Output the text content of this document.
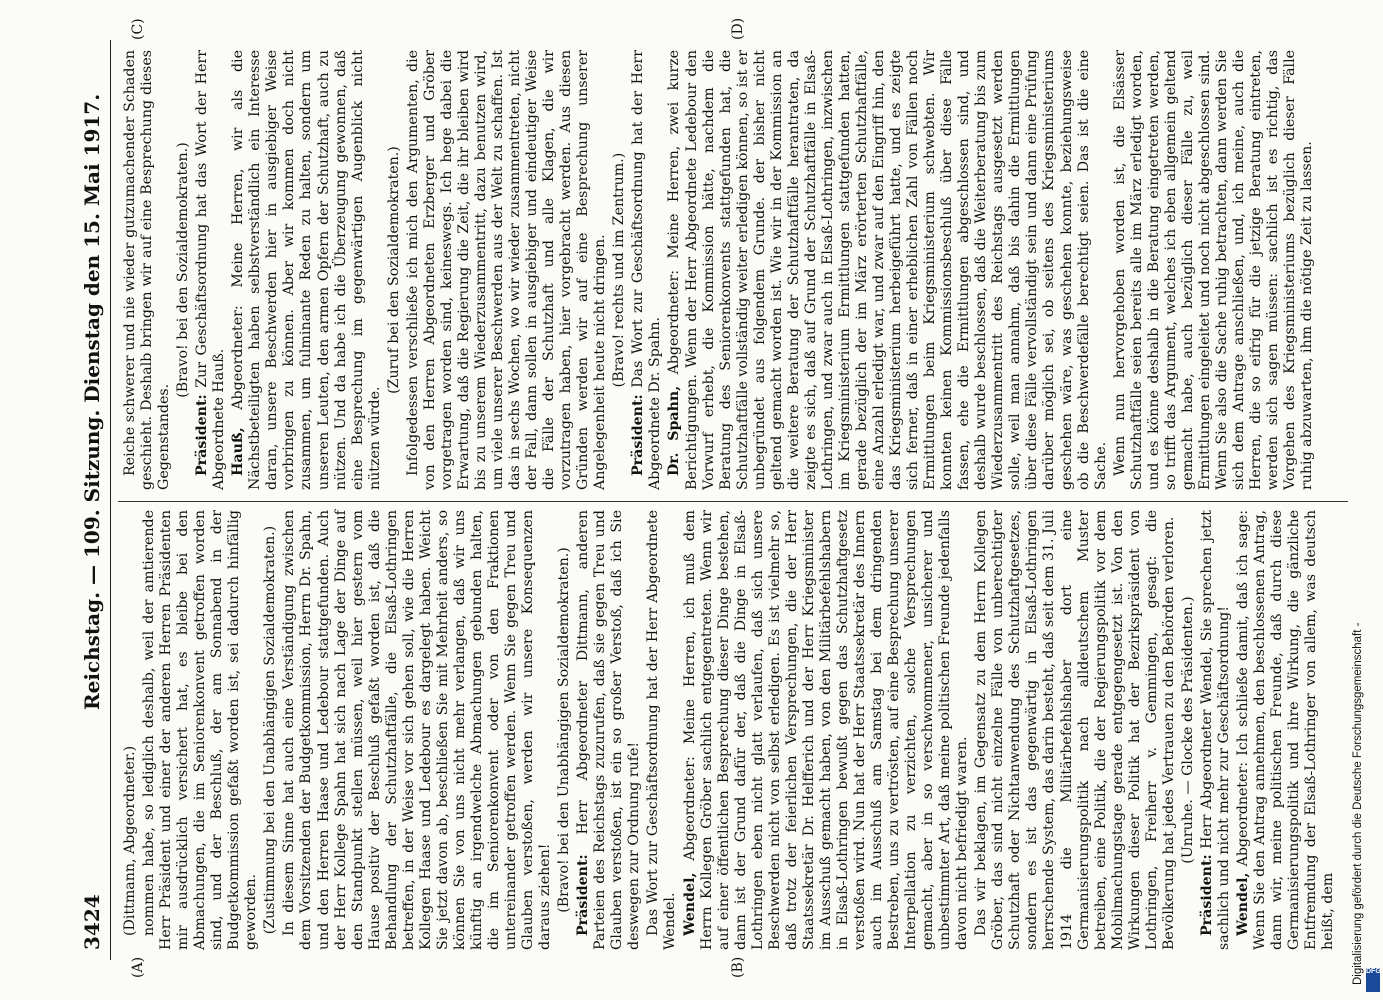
3424
Reichstag. — 109. Sitzung. Dienstag den 15. Mai 1917.
(A)	(B)
(C)	(D)

(Dittmann, Abgeordneter.) nommen habe, so lediglich deshalb, weil der amtierende Herr Präsident und einer der anderen Herren Präsidenten mir ausdrücklich versichert hat, es bleibe bei den Abmachungen, die im Seniorenkonvent getroffen worden sind, und der Beschluß, der am Sonnabend in der Budgetkommission gefaßt worden ist, sei dadurch hinfällig geworden. (Zustimmung bei den Unabhängigen Sozialdemokraten.) In diesem Sinne hat auch eine Verständigung zwischen dem Vorsitzenden der Budgetkommission, Herrn Dr. Spahn, und den Herren Haase und Ledebour stattgefunden. Auch der Herr Kollege Spahn hat sich nach Lage der Dinge auf den Standpunkt stellen müssen, weil hier gestern vom Hause positiv der Beschluß gefaßt worden ist, daß die Behandlung der Schutzhaftfälle, die Elsaß-Lothringen betreffen, in der Weise vor sich gehen soll, wie die Herren Kollegen Haase und Ledebour es dargelegt haben. Weicht Sie jetzt davon ab, beschließen Sie mit Mehrheit anders, so können Sie von uns nicht mehr verlangen, daß wir uns künftig an irgendwelche Abmachungen gebunden halten, die im Seniorenkonvent oder von den Fraktionen untereinander getroffen werden. Wenn Sie gegen Treu und Glauben verstoßen, werden wir unsere Konsequenzen daraus ziehen! (Bravo! bei den Unabhängigen Sozialdemokraten.) Präsident: Herr Abgeordneter Dittmann, anderen Parteien des Reichstags zuzurufen, daß sie gegen Treu und Glauben verstoßen, ist ein so großer Verstoß, daß ich Sie deswegen zur Ordnung rufe! Das Wort zur Geschäftsordnung hat der Herr Abgeordnete Wendel. Wendel, Abgeordneter: Meine Herren, ich muß dem Herrn Kollegen Gröber sachlich entgegentreten. Wenn wir auf einer öffentlichen Besprechung dieser Dinge bestehen, dann ist der Grund dafür der, daß die Dinge in Elsaß-Lothringen eben nicht glatt verlaufen, daß sich unsere Beschwerden nicht von selbst erledigen. Es ist vielmehr so, daß trotz der feierlichen Versprechungen, die der Herr Staatssekretär Dr. Helfferich und der Herr Kriegsminister im Ausschuß gemacht haben, von den Militärbefehlshabern in Elsaß-Lothringen bewußt gegen das Schutzhaftgesetz verstoßen wird. Nun hat der Herr Staatssekretär des Innern auch im Ausschuß am Samstag bei dem dringenden Bestreben, uns zu vertrösten, auf eine Besprechung unserer Interpellation zu verzichten, solche Versprechungen gemacht, aber in so verschwommener, unsicherer und unbestimmter Art, daß meine politischen Freunde jedenfalls davon nicht befriedigt waren. Das wir beklagen, im Gegensatz zu dem Herrn Kollegen Gröber, das sind nicht einzelne Fälle von unberechtigter Schutzhaft oder Nichtanwendung des Schutzhaftgesetzes, sondern es ist das gegenwärtig in Elsaß-Lothringen herrschende System, das darin besteht, daß seit dem 31. Juli 1914 die Militärbefehlshaber dort eine Germanisierungspolitik nach alldeutschem Muster betreiben, eine Politik, die der Regierungspolitik vor dem Mobilmachungstage gerade entgegengesetzt ist. Von den Wirkungen dieser Politik hat der Bezirkspräsident von Lothringen, Freiherr v. Gemmingen, gesagt: die Bevölkerung hat jedes Vertrauen zu den Behörden verloren. (Unruhe. — Glocke des Präsidenten.)

Präsident: Herr Abgeordneter Wendel, Sie sprechen jetzt sachlich und nicht mehr zur Geschäftsordnung! Wendel, Abgeordneter: Ich schließe damit, daß ich sage: Wenn Sie den Antrag annehmen, den beschlossenen Antrag, dann wir, meine politischen Freunde, daß durch diese Germanisierungspolitik und ihre Wirkung, die gänzliche Entfremdung der Elsaß-Lothringer von allem, was deutsch heißt, dem

Reiche schwerer und nie wieder gutzumachender Schaden geschieht. Deshalb bringen wir auf eine Besprechung dieses Gegenstandes.

(Bravo! bei den Sozialdemokraten.)

Präsident: Zur Geschäftsordnung hat das Wort der Herr Abgeordnete Hauß. Hauß, Abgeordneter: Meine Herren, wir als die Nächstbeteiligten haben selbstverständlich ein Interesse daran, unsere Beschwerden hier in ausgiebiger Weise vorbringen zu können. Aber wir kommen doch nicht zusammen, um fulminante Reden zu halten, sondern um unseren Leuten, den armen Opfern der Schutzhaft, auch zu nützen. Und da habe ich die Überzeugung gewonnen, daß eine Besprechung im gegenwärtigen Augenblick nicht nützen würde.

(Zuruf bei den Sozialdemokraten.) Infolgedessen verschließe ich mich den Argumenten, die von den Herren Abgeordneten Erzberger und Gröber vorgetragen worden sind, keineswegs. Ich hege dabei die Erwartung, daß die Regierung die Zeit, die ihr bleiben wird bis zu unserem Wiederzusammentritt, dazu benutzen wird, um viele unserer Beschwerden aus der Welt zu schaffen. Ist das in sechs Wochen, wo wir wieder zusammentreten, nicht der Fall, dann sollen in ausgiebiger und eindeutiger Weise die Fälle der Schutzhaft und alle Klagen, die wir vorzutragen haben, hier vorgebracht werden. Aus diesen Gründen werden wir auf eine Besprechung unserer Angelegenheit heute nicht dringen. (Bravo! rechts und im Zentrum.)

Präsident: Das Wort zur Geschäftsordnung hat der Herr Abgeordnete Dr. Spahn. Dr. Spahn, Abgeordneter: Meine Herren, zwei kurze Berichtigungen. Wenn der Herr Abgeordnete Ledebour den Vorwurf erhebt, die Kommission hätte, nachdem die Beratung des Seniorenkonvents stattgefunden hat, die Schutzhaftfälle vollständig weiter erledigen können, so ist er unbegründet aus folgendem Grunde. der bisher nicht geltend gemacht worden ist. Wie wir in der Kommission an die weitere Beratung der Schutzhaftfälle herantraten, da zeigte es sich, daß auf Grund der Schutzhaftfälle in Elsaß-Lothringen, und zwar auch in Elsaß-Lothringen, inzwischen im Kriegsministerium Ermittlungen stattgefunden hatten, gerade bezüglich der im März erörterten Schutzhaftfälle, eine Anzahl erledigt war, und zwar auf den Eingriff hin, den das Kriegsministerium herbeigeführt hatte, und es zeigte sich ferner, daß in einer erheblichen Zahl von Fällen noch Ermittlungen beim Kriegsministerium schwebten. Wir konnten keinen Kommissionsbeschluß über diese Fälle fassen, ehe die Ermittlungen abgeschlossen sind, und deshalb wurde beschlossen, daß die Weiterberatung bis zum Wiederzusammentritt des Reichstags ausgesetzt werden solle, weil man annahm, daß bis dahin die Ermittlungen über diese Fälle vervollständigt sein und dann eine Prüfung darüber möglich sei, ob seitens des Kriegsministeriums geschehen wäre, was geschehen konnte, beziehungsweise ob die Beschwerdefälle berechtigt seien. Das ist die eine Sache. Wenn nun hervorgehoben worden ist, die Elsässer Schutzhaftfälle seien bereits alle im März erledigt worden, und es könne deshalb in die Beratung eingetreten werden, so trifft das Argument, welches ich eben allgemein geltend gemacht habe, auch bezüglich dieser Fälle zu, weil Ermittlungen eingeleitet und noch nicht abgeschlossen sind. Wenn Sie also die Sache ruhig betrachten, dann werden Sie sich dem Antrage anschließen, und, ich meine, auch die Herren, die so eifrig für die jetzige Beratung eintreten, werden sich sagen müssen: sachlich ist es richtig, das Vorgehen des Kriegsministeriums bezüglich dieser Fälle ruhig abzuwarten, ihm die nötige Zeit zu lassen.

Digitalisierung gefördert durch die Deutsche Forschungsgemeinschaft - DFG
